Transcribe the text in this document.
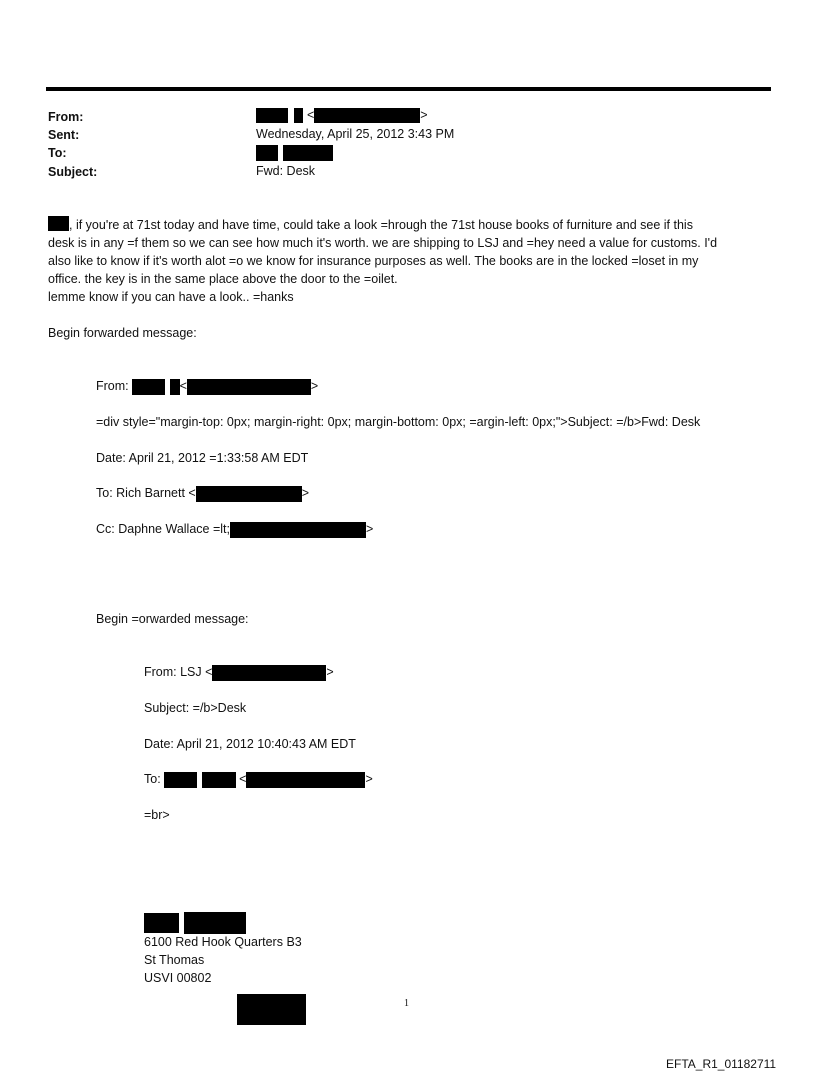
From:	<	>
Sent:	Wednesday, April 25, 2012 3:43 PM
To:

Subject:	Fwd: Desk
, if you're at 71st today and have time, could take a look =hrough the 71st house books of furniture and see if this
desk is in any =f them so we can see how much it's worth. we are shipping to LSJ and =hey need a value for customs. I'd
also like to know if it's worth alot =o we know for insurance purposes as well. The books are in the locked =loset in my
office. the key is in the same place above the door to the =oilet.
lemme know if you can have a look.. =hanks
Begin forwarded message:
From:	<	>
=div style="margin-top: 0px; margin-right: 0px; margin-bottom: 0px; =argin-left: 0px;">Subject: =/b>Fwd: Desk
Date: April 21, 2012 =1:33:58 AM EDT
To: Rich Barnett <	>
Cc: Daphne Wallace =lt;	>
Begin =orwarded message:
From: LSJ <	>
Subject: =/b>Desk
Date: April 21, 2012 10:40:43 AM EDT
To:	<	>
=br>

6100 Red Hook Quarters B3
St Thomas
USVI 00802
1
EFTA_R1_01182711
